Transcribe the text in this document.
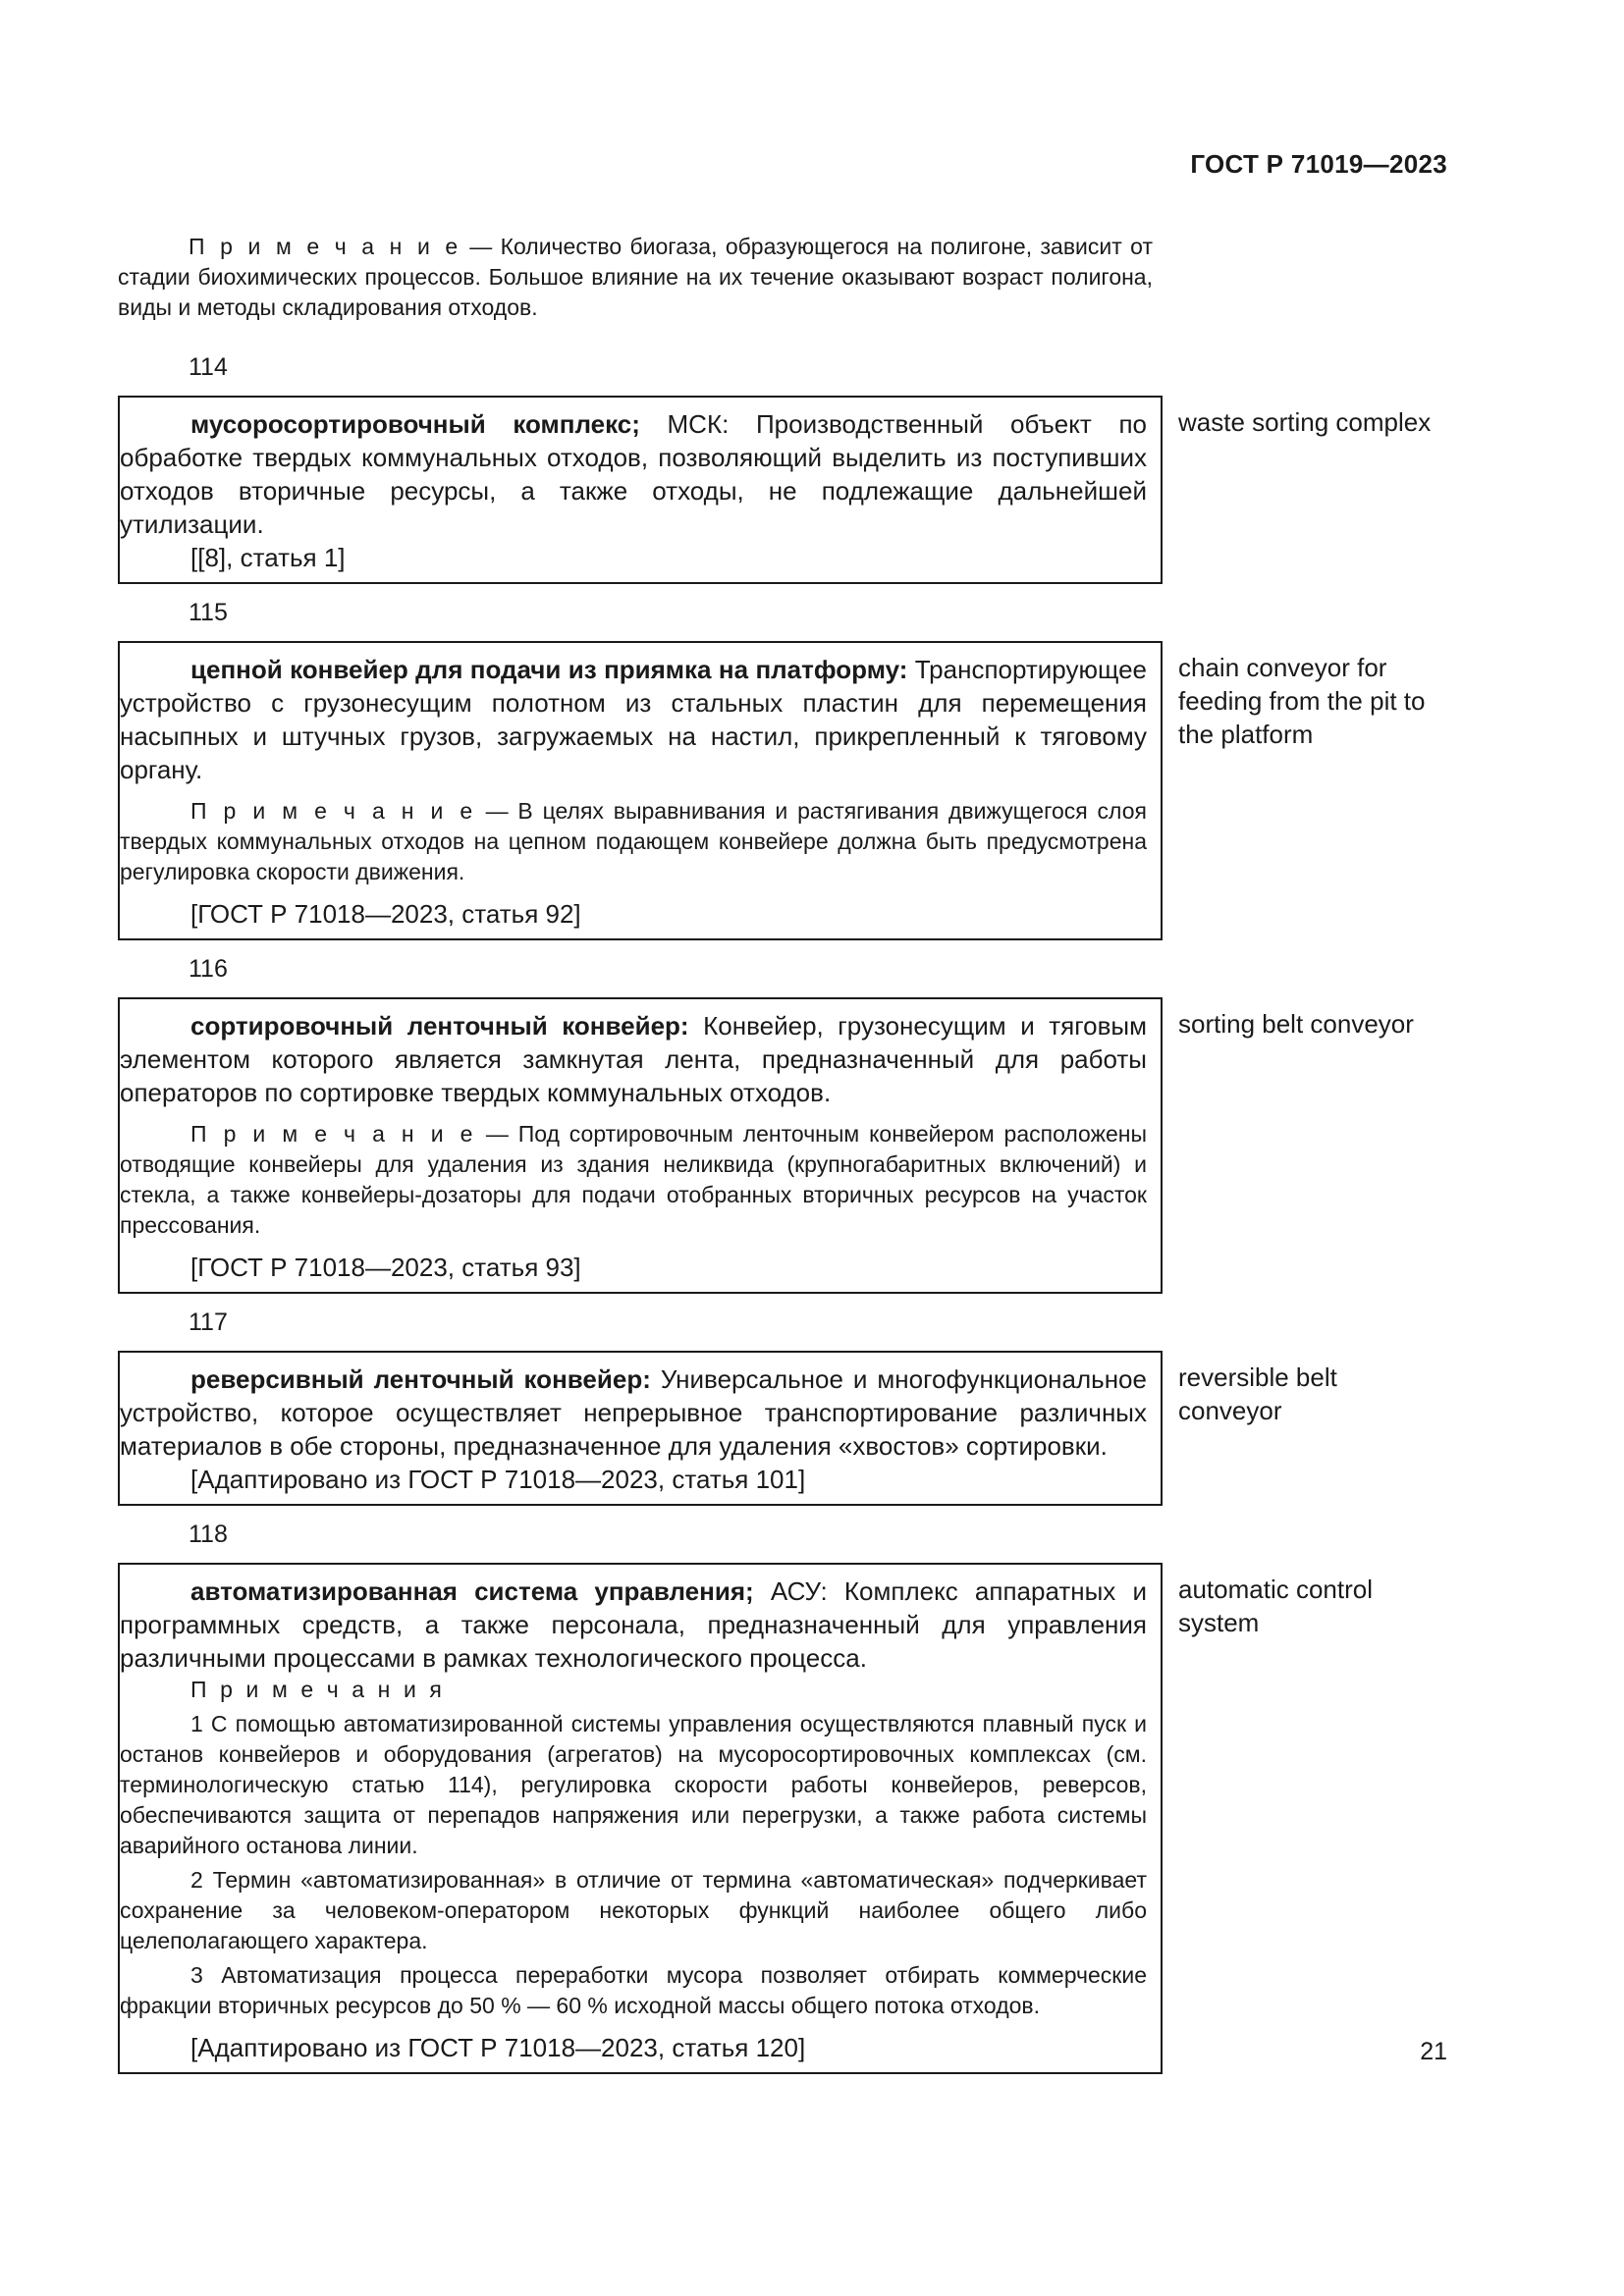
ГОСТ Р 71019—2023

П р и м е ч а н и е — Количество биогаза, образующегося на полигоне, зависит от стадии биохимических процессов. Большое влияние на их течение оказывают возраст полигона, виды и методы складирования отходов.

114

мусоросортировочный комплекс; МСК: Производственный объект по обработке твердых коммунальных отходов, позволяющий выделить из поступивших отходов вторичные ресурсы, а также отходы, не подлежащие дальнейшей утилизации.

[[8], статья 1]

waste sorting complex
115

цепной конвейер для подачи из приямка на платформу: Транспортирующее устройство с грузонесущим полотном из стальных пластин для перемещения насыпных и штучных грузов, загружаемых на настил, прикрепленный к тяговому органу.

П р и м е ч а н и е — В целях выравнивания и растягивания движущегося слоя твердых коммунальных отходов на цепном подающем конвейере должна быть предусмотрена регулировка скорости движения.

[ГОСТ Р 71018—2023, статья 92]

chain conveyor for feeding from the pit to the platform
116

сортировочный ленточный конвейер: Конвейер, грузонесущим и тяговым элементом которого является замкнутая лента, предназначенный для работы операторов по сортировке твердых коммунальных отходов.

П р и м е ч а н и е — Под сортировочным ленточным конвейером расположены отводящие конвейеры для удаления из здания неликвида (крупногабаритных включений) и стекла, а также конвейеры-дозаторы для подачи отобранных вторичных ресурсов на участок прессования.

[ГОСТ Р 71018—2023, статья 93]

sorting belt conveyor
117

реверсивный ленточный конвейер: Универсальное и многофункциональное устройство, которое осуществляет непрерывное транспортирование различных материалов в обе стороны, предназначенное для удаления «хвостов» сортировки.

[Адаптировано из ГОСТ Р 71018—2023, статья 101]

reversible belt conveyor
118

автоматизированная система управления; АСУ: Комплекс аппаратных и программных средств, а также персонала, предназначенный для управления различными процессами в рамках технологического процесса.

П р и м е ч а н и я

1 С помощью автоматизированной системы управления осуществляются плавный пуск и останов конвейеров и оборудования (агрегатов) на мусоросортировочных комплексах (см. терминологическую статью 114), регулировка скорости работы конвейеров, реверсов, обеспечиваются защита от перепадов напряжения или перегрузки, а также работа системы аварийного останова линии.

2 Термин «автоматизированная» в отличие от термина «автоматическая» подчеркивает сохранение за человеком-оператором некоторых функций наиболее общего либо целеполагающего характера.

3 Автоматизация процесса переработки мусора позволяет отбирать коммерческие фракции вторичных ресурсов до 50 % — 60 % исходной массы общего потока отходов.

[Адаптировано из ГОСТ Р 71018—2023, статья 120]

automatic control system
21
